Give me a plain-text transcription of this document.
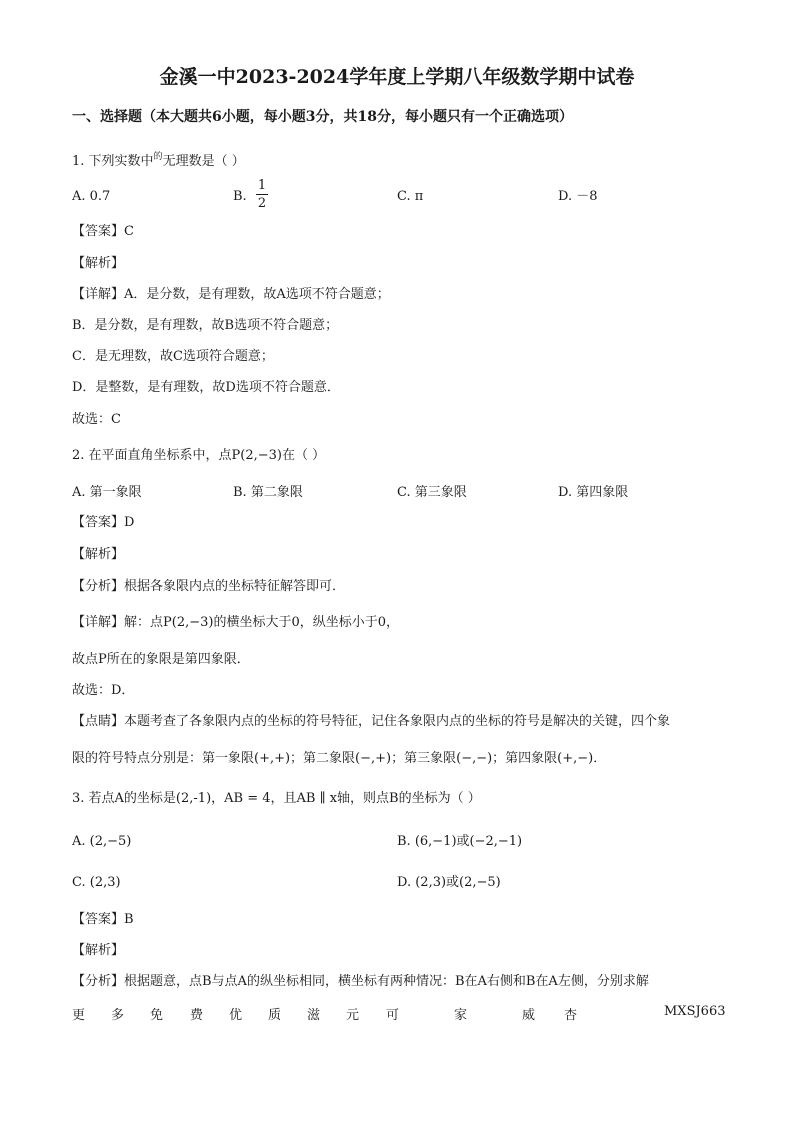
金溪一中2023-2024学年度上学期八年级数学期中试卷
一、选择题（本大题共6小题，每小题3分，共18分，每小题只有一个正确选项）
1. 下列实数中$^的$无理数是（ ）
A. 0.7	B.
1
2	C. π	D. －8
【答案】C
【解析】
【详解】A．是分数，是有理数，故A选项不符合题意；
B．是分数，是有理数，故B选项不符合题意；
C．是无理数，故C选项符合题意；
D．是整数，是有理数，故D选项不符合题意．
故选：C
2. 在平面直角坐标系中，点P(2,−3)在（ ）
A. 第一象限	B. 第二象限	C. 第三象限	D. 第四象限
【答案】D
【解析】
【分析】根据各象限内点的坐标特征解答即可．
【详解】解：点P(2,−3)的横坐标大于0，纵坐标小于0，
故点P所在的象限是第四象限．
故选：D．
【点睛】本题考查了各象限内点的坐标的符号特征，记住各象限内点的坐标的符号是解决的关键，四个象
限的符号特点分别是：第一象限(+,+)；第二象限(−,+)；第三象限(−,−)；第四象限(+,−)．
3. 若点A的坐标是(2,-1)，AB = 4，且AB ∥ x轴，则点B的坐标为（ ）
A. (2,−5)	B. (6,−1)或(−2,−1)
C. (2,3)	D. (2,3)或(2,−5)
【答案】B
【解析】
【分析】根据题意，点B与点A的纵坐标相同，横坐标有两种情况：B在A右侧和B在A左侧，分别求解
更 多 免 费 优 质 滋 元 可	家	威 杏	MXSJ663
